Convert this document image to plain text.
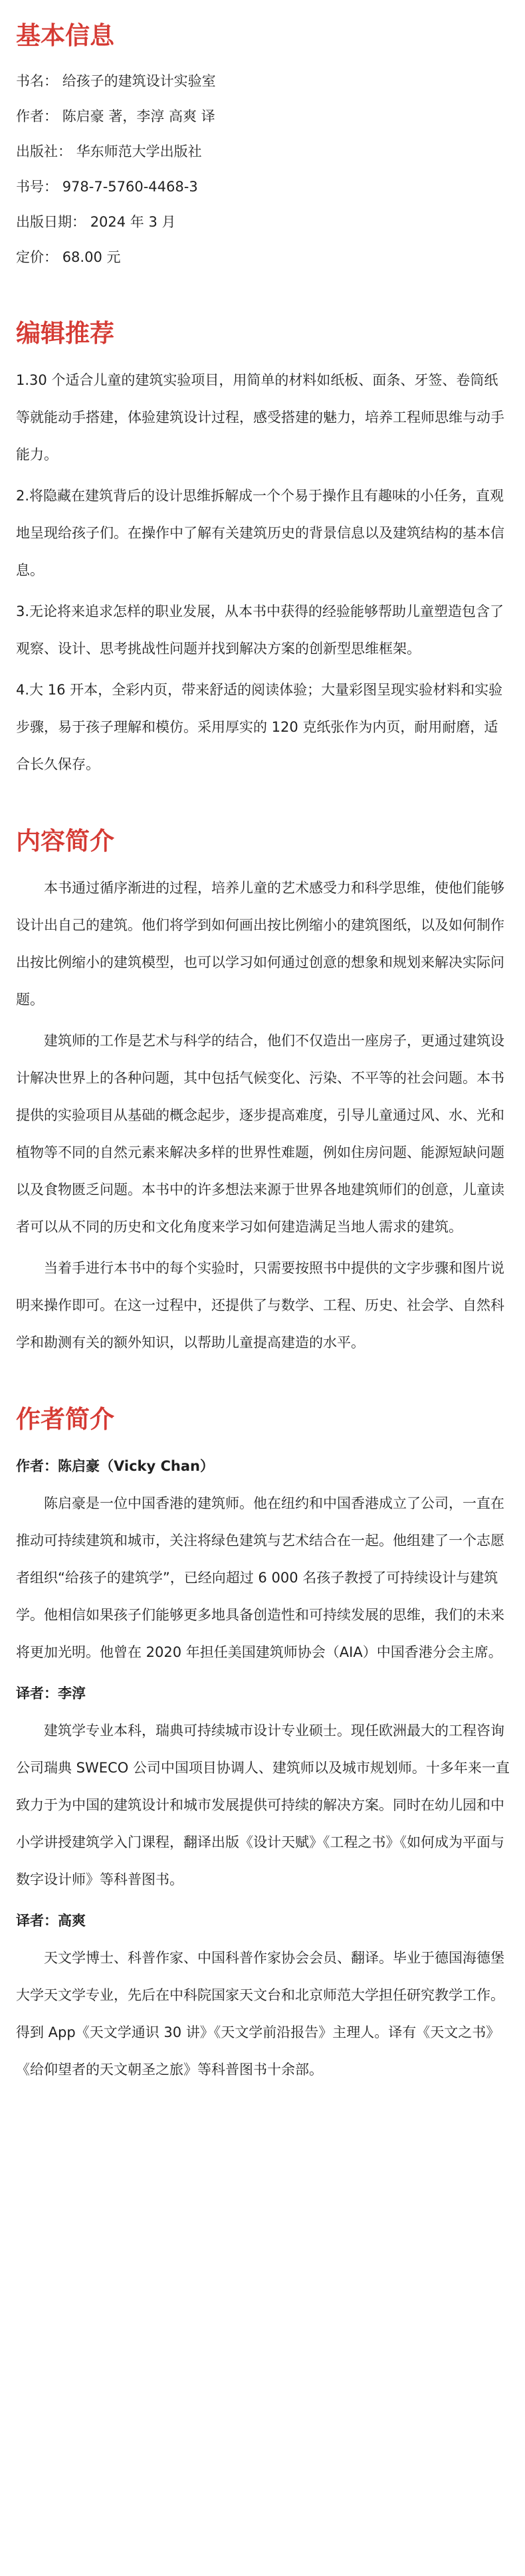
基本信息

书名： 给孩子的建筑设计实验室

作者： 陈启豪 著，李淳 高爽 译

出版社： 华东师范大学出版社

书号： 978-7-5760-4468-3

出版日期： 2024 年 3 月

定价： 68.00 元

编辑推荐
1.30 个适合儿童的建筑实验项目，用简单的材料如纸板、面条、牙签、卷筒纸等就能动手搭建，体验建筑设计过程，感受搭建的魅力，培养工程师思维与动手能力。
2.将隐藏在建筑背后的设计思维拆解成一个个易于操作且有趣味的小任务，直观地呈现给孩子们。在操作中了解有关建筑历史的背景信息以及建筑结构的基本信息。
3.无论将来追求怎样的职业发展，从本书中获得的经验能够帮助儿童塑造包含了观察、设计、思考挑战性问题并找到解决方案的创新型思维框架。
4.大 16 开本，全彩内页，带来舒适的阅读体验；大量彩图呈现实验材料和实验步骤，易于孩子理解和模仿。采用厚实的 120 克纸张作为内页，耐用耐磨，适合长久保存。
内容简介

本书通过循序渐进的过程，培养儿童的艺术感受力和科学思维，使他们能够设计出自己的建筑。他们将学到如何画出按比例缩小的建筑图纸，以及如何制作出按比例缩小的建筑模型，也可以学习如何通过创意的想象和规划来解决实际问题。

建筑师的工作是艺术与科学的结合，他们不仅造出一座房子，更通过建筑设计解决世界上的各种问题，其中包括气候变化、污染、不平等的社会问题。本书提供的实验项目从基础的概念起步，逐步提高难度，引导儿童通过风、水、光和植物等不同的自然元素来解决多样的世界性难题，例如住房问题、能源短缺问题以及食物匮乏问题。本书中的许多想法来源于世界各地建筑师们的创意，儿童读者可以从不同的历史和文化角度来学习如何建造满足当地人需求的建筑。

当着手进行本书中的每个实验时，只需要按照书中提供的文字步骤和图片说明来操作即可。在这一过程中，还提供了与数学、工程、历史、社会学、自然科学和勘测有关的额外知识，以帮助儿童提高建造的水平。

作者简介

作者：陈启豪（Vicky Chan）

陈启豪是一位中国香港的建筑师。他在纽约和中国香港成立了公司，一直在推动可持续建筑和城市，关注将绿色建筑与艺术结合在一起。他组建了一个志愿者组织“给孩子的建筑学”，已经向超过 6 000 名孩子教授了可持续设计与建筑学。他相信如果孩子们能够更多地具备创造性和可持续发展的思维，我们的未来将更加光明。他曾在 2020 年担任美国建筑师协会（AIA）中国香港分会主席。

译者：李淳

建筑学专业本科，瑞典可持续城市设计专业硕士。现任欧洲最大的工程咨询公司瑞典 SWECO 公司中国项目协调人、建筑师以及城市规划师。十多年来一直致力于为中国的建筑设计和城市发展提供可持续的解决方案。同时在幼儿园和中小学讲授建筑学入门课程，翻译出版《设计天赋》《工程之书》《如何成为平面与数字设计师》等科普图书。

译者：高爽

天文学博士、科普作家、中国科普作家协会会员、翻译。毕业于德国海德堡大学天文学专业，先后在中科院国家天文台和北京师范大学担任研究教学工作。得到 App《天文学通识 30 讲》《天文学前沿报告》主理人。译有《天文之书》《给仰望者的天文朝圣之旅》等科普图书十余部。
